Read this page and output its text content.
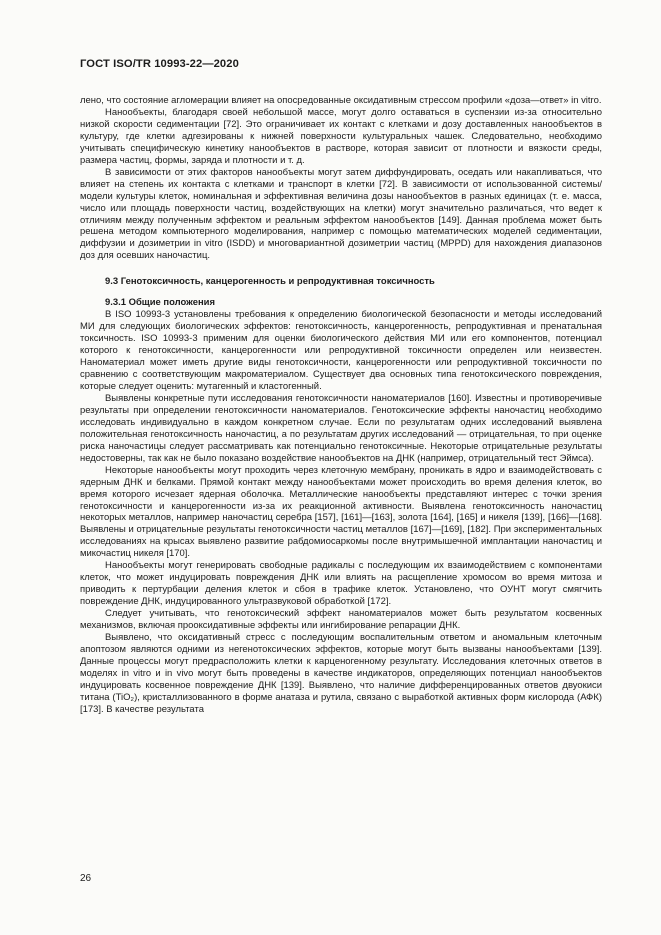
ГОСТ ISO/TR 10993-22—2020

лено, что состояние агломерации влияет на опосредованные оксидативным стрессом профили «доза—ответ» in vitro.

Нанообъекты, благодаря своей небольшой массе, могут долго оставаться в суспензии из-за относительно низкой скорости седиментации [72]. Это ограничивает их контакт с клетками и дозу доставленных нанообъектов в культуру, где клетки адгезированы к нижней поверхности культуральных чашек. Следовательно, необходимо учитывать специфическую кинетику нанообъектов в растворе, которая зависит от плотности и вязкости среды, размера частиц, формы, заряда и плотности и т. д.

В зависимости от этих факторов нанообъекты могут затем диффундировать, оседать или накапливаться, что влияет на степень их контакта с клетками и транспорт в клетки [72]. В зависимости от использованной системы/модели культуры клеток, номинальная и эффективная величина дозы нанообъектов в разных единицах (т. е. масса, число или площадь поверхности частиц, воздействующих на клетки) могут значительно различаться, что ведет к отличиям между полученным эффектом и реальным эффектом нанообъектов [149]. Данная проблема может быть решена методом компьютерного моделирования, например с помощью математических моделей седиментации, диффузии и дозиметрии in vitro (ISDD) и многовариантной дозиметрии частиц (MPPD) для нахождения диапазонов доз для осевших наночастиц.

9.3 Генотоксичность, канцерогенность и репродуктивная токсичность
9.3.1 Общие положения

В ISO 10993-3 установлены требования к определению биологической безопасности и методы исследований МИ для следующих биологических эффектов: генотоксичность, канцерогенность, репродуктивная и пренатальная токсичность. ISO 10993-3 применим для оценки биологического действия МИ или его компонентов, потенциал которого к генотоксичности, канцерогенности или репродуктивной токсичности определен или неизвестен. Наноматериал может иметь другие виды генотоксичности, канцерогенности или репродуктивной токсичности по сравнению с соответствующим макроматериалом. Существует два основных типа генотоксического повреждения, которые следует оценить: мутагенный и кластогенный.

Выявлены конкретные пути исследования генотоксичности наноматериалов [160]. Известны и противоречивые результаты при определении генотоксичности наноматериалов. Генотоксические эффекты наночастиц необходимо исследовать индивидуально в каждом конкретном случае. Если по результатам одних исследований выявлена положительная генотоксичность наночастиц, а по результатам других исследований — отрицательная, то при оценке риска наночастицы следует рассматривать как потенциально генотоксичные. Некоторые отрицательные результаты недостоверны, так как не было показано воздействие нанообъектов на ДНК (например, отрицательный тест Эймса).

Некоторые нанообъекты могут проходить через клеточную мембрану, проникать в ядро и взаимодействовать с ядерным ДНК и белками. Прямой контакт между нанообъектами может происходить во время деления клеток, во время которого исчезает ядерная оболочка. Металлические нанообъекты представляют интерес с точки зрения генотоксичности и канцерогенности из-за их реакционной активности. Выявлена генотоксичность наночастиц некоторых металлов, например наночастиц серебра [157], [161]—[163], золота [164], [165] и никеля [139], [166]—[168]. Выявлены и отрицательные результаты генотоксичности частиц металлов [167]—[169], [182]. При экспериментальных исследованиях на крысах выявлено развитие рабдомиосаркомы после внутримышечной имплантации наночастиц и микочастиц никеля [170].

Нанообъекты могут генерировать свободные радикалы с последующим их взаимодействием с компонентами клеток, что может индуцировать повреждения ДНК или влиять на расщепление хромосом во время митоза и приводить к пертурбации деления клеток и сбоя в трафике клеток. Установлено, что ОУНТ могут смягчить повреждение ДНК, индуцированного ультразвуковой обработкой [172].

Следует учитывать, что генотоксический эффект наноматериалов может быть результатом косвенных механизмов, включая прооксидативные эффекты или ингибирование репарации ДНК.

Выявлено, что оксидативный стресс с последующим воспалительным ответом и аномальным клеточным апоптозом являются одними из негенотоксических эффектов, которые могут быть вызваны нанообъектами [139]. Данные процессы могут предрасположить клетки к карценогенному результату. Исследования клеточных ответов в моделях in vitro и in vivo могут быть проведены в качестве индикаторов, определяющих потенциал нанообъектов индуцировать косвенное повреждение ДНК [139]. Выявлено, что наличие дифференцированных ответов двуокиси титана (TiO₂), кристаллизованного в форме анатаза и рутила, связано с выработкой активных форм кислорода (АФК) [173]. В качестве результата

26
